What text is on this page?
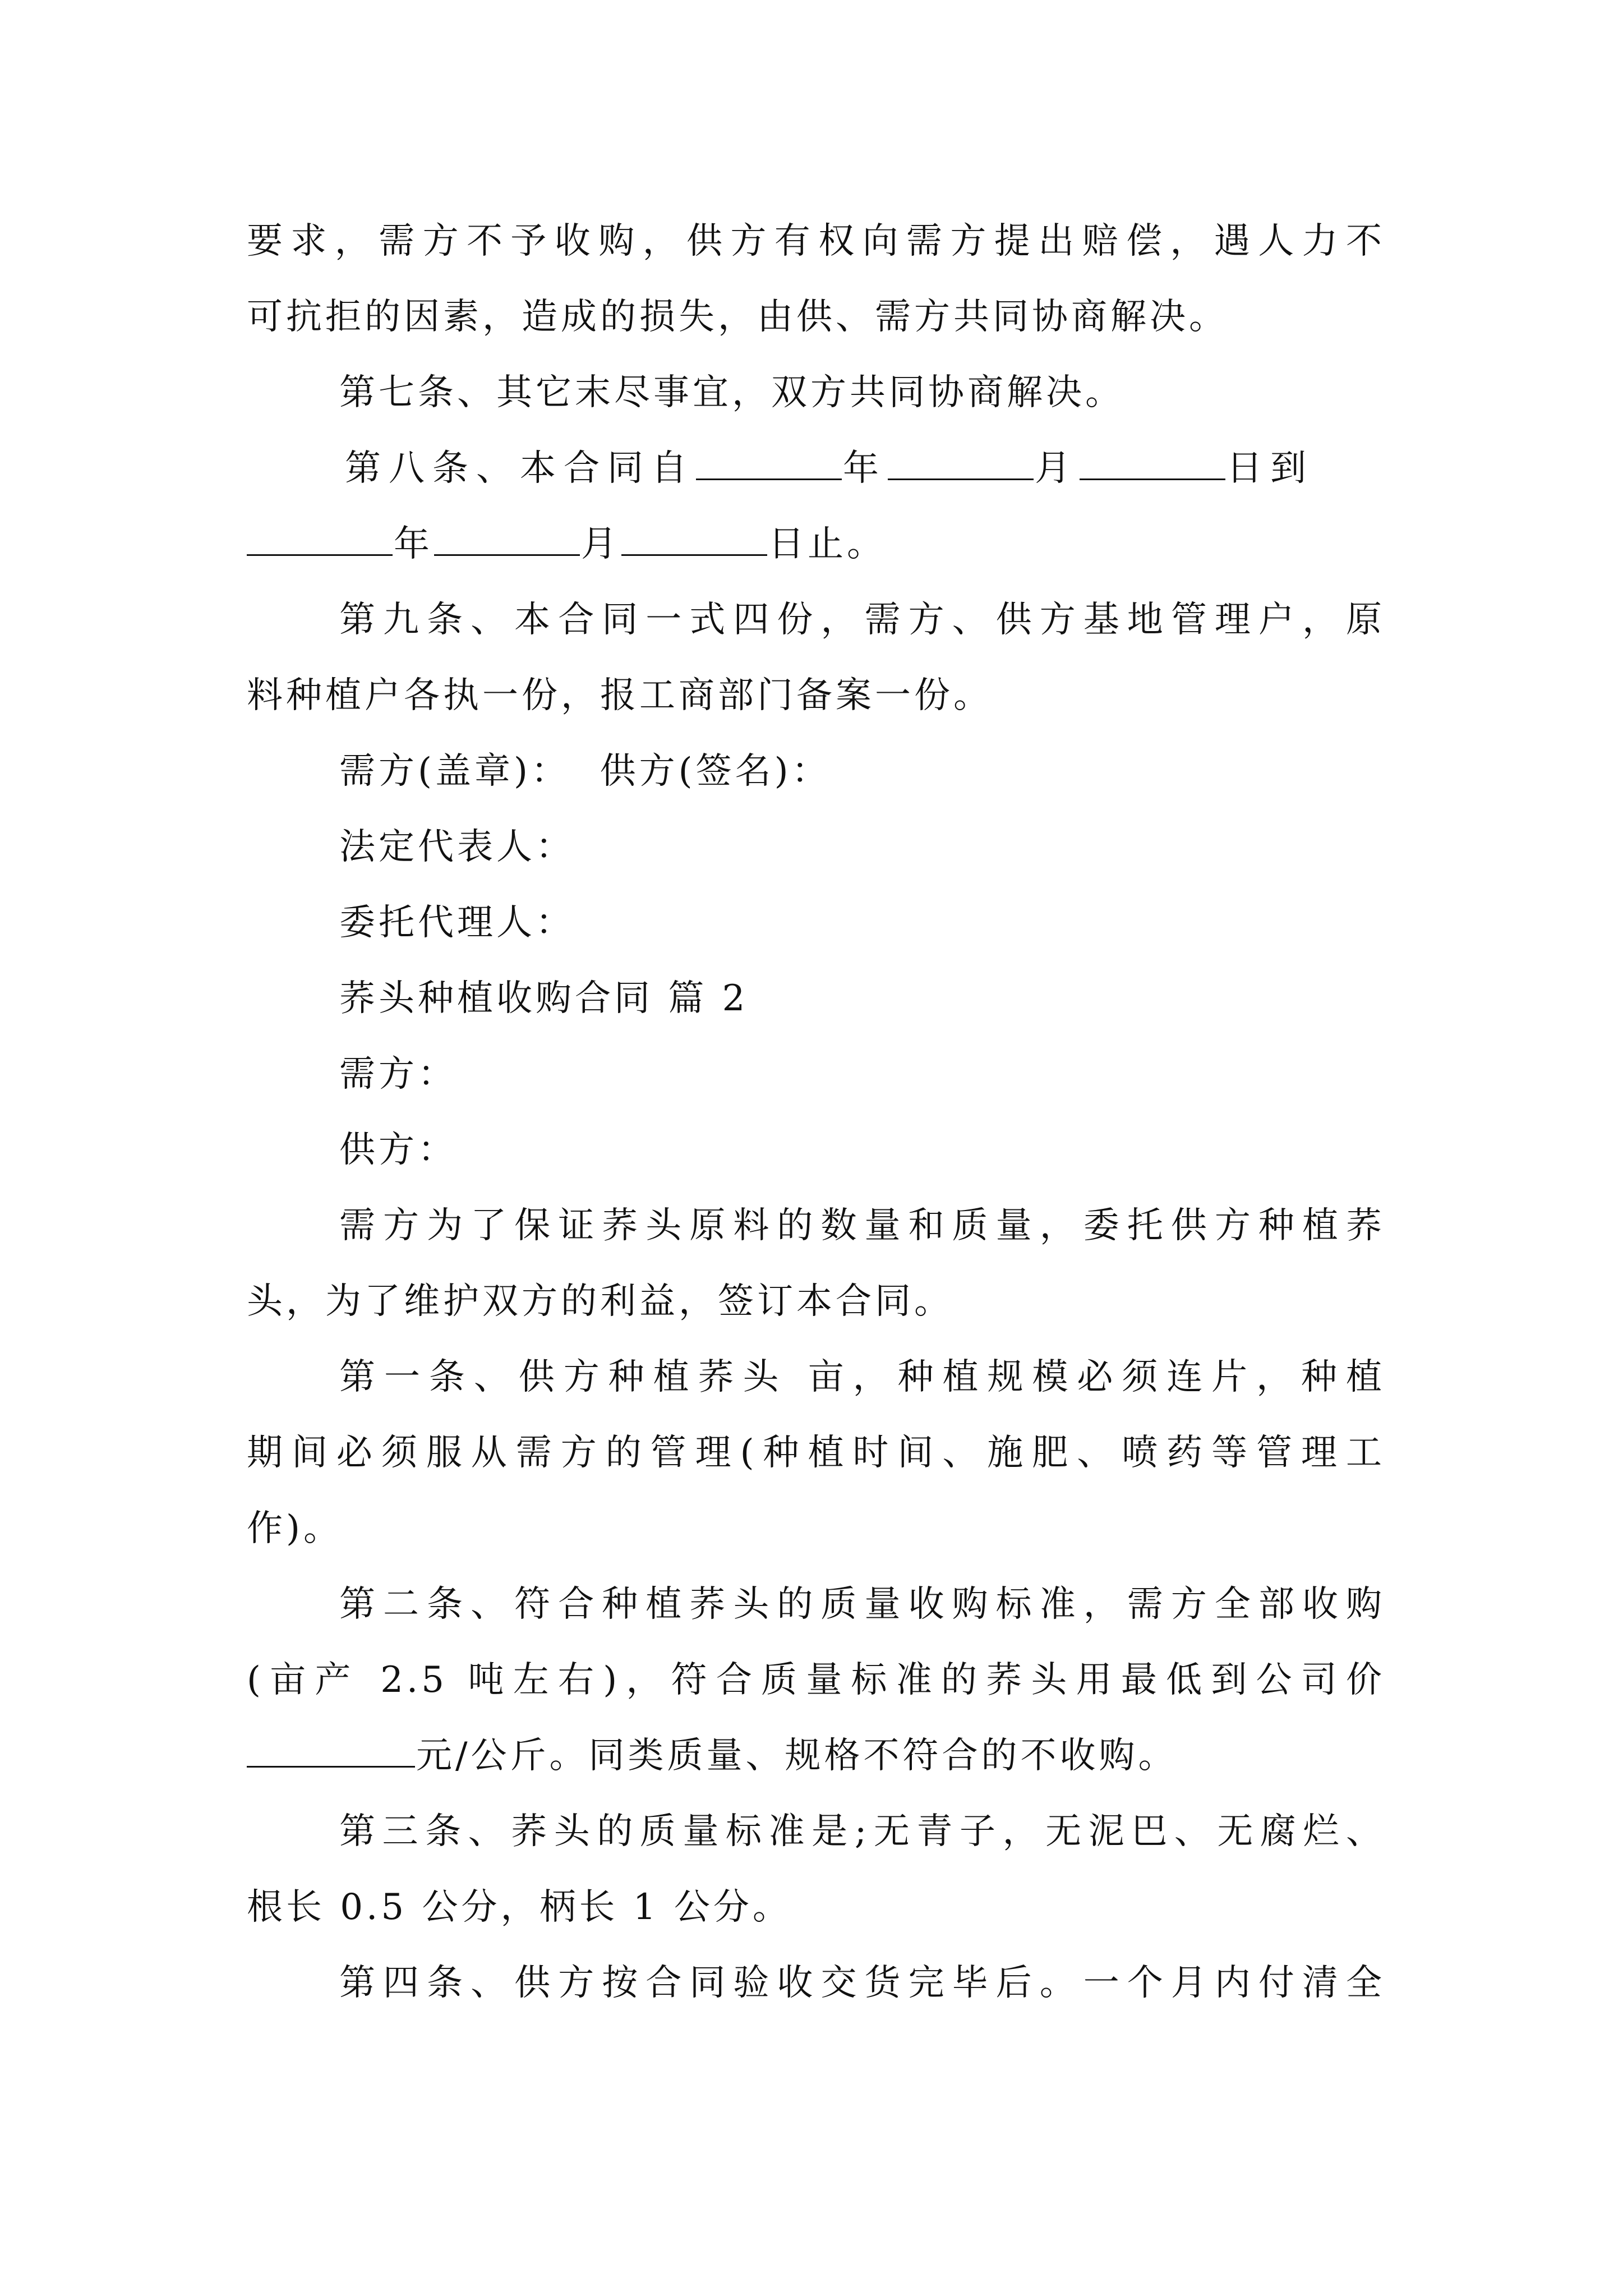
要求，需方不予收购，供方有权向需方提出赔偿，遇人力不
可抗拒的因素，造成的损失，由供、需方共同协商解决。
第七条、其它末尽事宜，双方共同协商解决。
第八条、本合同自	年	月	日到
年	月	日止。
第九条、本合同一式四份，需方、供方基地管理户，原
料种植户各执一份，报工商部门备案一份。
需方(盖章)：  供方(签名)：
法定代表人：
委托代理人：
荞头种植收购合同 篇 2
需方：
供方：
需方为了保证荞头原料的数量和质量，委托供方种植荞
头，为了维护双方的利益，签订本合同。
第一条、供方种植荞头 亩，种植规模必须连片，种植
期间必须服从需方的管理(种植时间、施肥、喷药等管理工
作)。
第二条、符合种植荞头的质量收购标准，需方全部收购
(亩产 2.5 吨左右)，符合质量标准的荞头用最低到公司价
元/公斤。同类质量、规格不符合的不收购。
第三条、荞头的质量标准是;无青子，无泥巴、无腐烂、
根长 0.5 公分，柄长 1 公分。
第四条、供方按合同验收交货完毕后。一个月内付清全
